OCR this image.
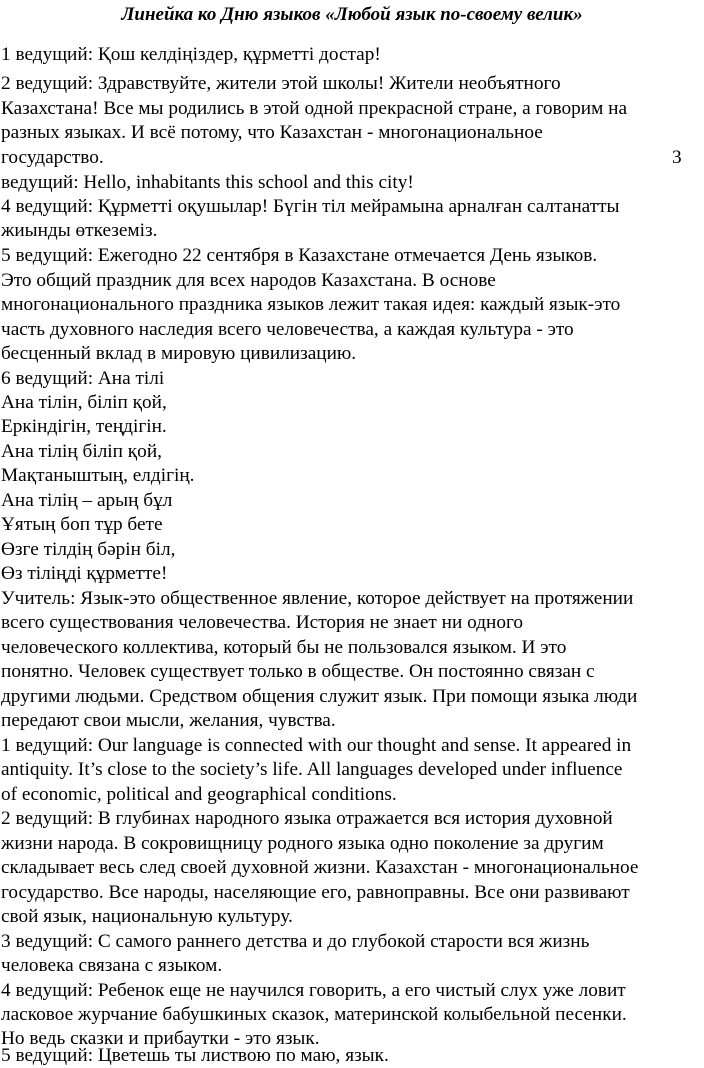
Линейка ко Дню языков «Любой язык по-своему велик»
1 ведущий: Қош келдіңіздер, құрметті достар!
2 ведущий: Здравствуйте, жители этой школы! Жители необъятного
Казахстана! Все мы родились в этой одной прекрасной стране, а говорим на
разных языках. И всё потому, что Казахстан - многонациональное
государство.	3
ведущий: Hello, inhabitants this school and this city!
4 ведущий: Құрметті оқушылар! Бүгін тіл мейрамына арналған салтанатты
жиынды өткеземіз.
5 ведущий: Ежегодно 22 сентября в Казахстане отмечается День языков.
Это общий праздник для всех народов Казахстана. В основе
многонационального праздника языков лежит такая идея: каждый язык-это
часть духовного наследия всего человечества, а каждая культура - это
бесценный вклад в мировую цивилизацию.
6 ведущий: Ана тілі
Ана тілін, біліп қой,
Еркіндігін, теңдігін.
Ана тілің біліп қой,
Мақтаныштың, елдігің.
Ана тілің – арың бұл
Ұятың боп тұр бете
Өзге тілдің бәрін біл,
Өз тіліңді құрметте!
Учитель: Язык-это общественное явление, которое действует на протяжении
всего существования человечества. История не знает ни одного
человеческого коллектива, который бы не пользовался языком. И это
понятно. Человек существует только в обществе. Он постоянно связан с
другими людьми. Средством общения служит язык. При помощи языка люди
передают свои мысли, желания, чувства.
1 ведущий: Our language is connected with our thought and sense. It appeared in
antiquity. It’s close to the society’s life. All languages developed under influence
of economic, political and geographical conditions.
2 ведущий: В глубинах народного языка отражается вся история духовной
жизни народа. В сокровищницу родного языка одно поколение за другим
складывает весь след своей духовной жизни. Казахстан - многонациональное
государство. Все народы, населяющие его, равноправны. Все они развивают
свой язык, национальную культуру.
3 ведущий: С самого раннего детства и до глубокой старости вся жизнь
человека связана с языком.
4 ведущий: Ребенок еще не научился говорить, а его чистый слух уже ловит
ласковое журчание бабушкиных сказок, материнской колыбельной песенки.
Но ведь сказки и прибаутки - это язык.
5 ведущий: Цветешь ты листвою по маю, язык.
